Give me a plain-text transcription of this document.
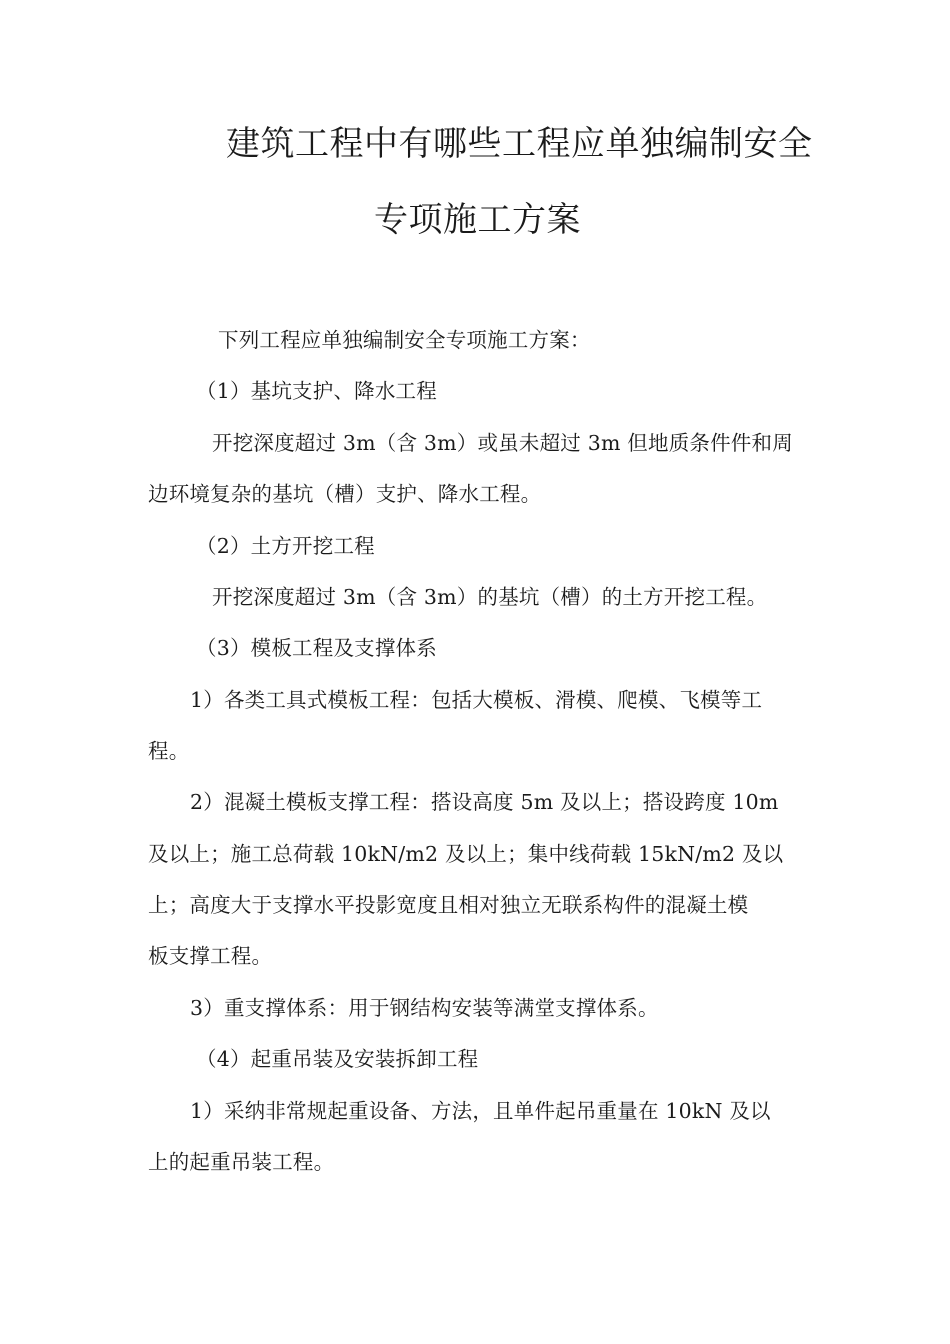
建筑工程中有哪些工程应单独编制安全
专项施工方案
下列工程应单独编制安全专项施工方案：
（1）基坑支护、降水工程
开挖深度超过 3m（含 3m）或虽未超过 3m 但地质条件件和周
边环境复杂的基坑（槽）支护、降水工程。
（2）土方开挖工程
开挖深度超过 3m（含 3m）的基坑（槽）的土方开挖工程。
（3）模板工程及支撑体系
1）各类工具式模板工程：包括大模板、滑模、爬模、飞模等工
程。
2）混凝土模板支撑工程：搭设高度 5m 及以上；搭设跨度 10m
及以上；施工总荷载 10kN/m2 及以上；集中线荷载 15kN/m2 及以
上；高度大于支撑水平投影宽度且相对独立无联系构件的混凝土模
板支撑工程。
3）重支撑体系：用于钢结构安装等满堂支撑体系。
（4）起重吊装及安装拆卸工程
1）采纳非常规起重设备、方法，且单件起吊重量在 10kN 及以
上的起重吊装工程。
